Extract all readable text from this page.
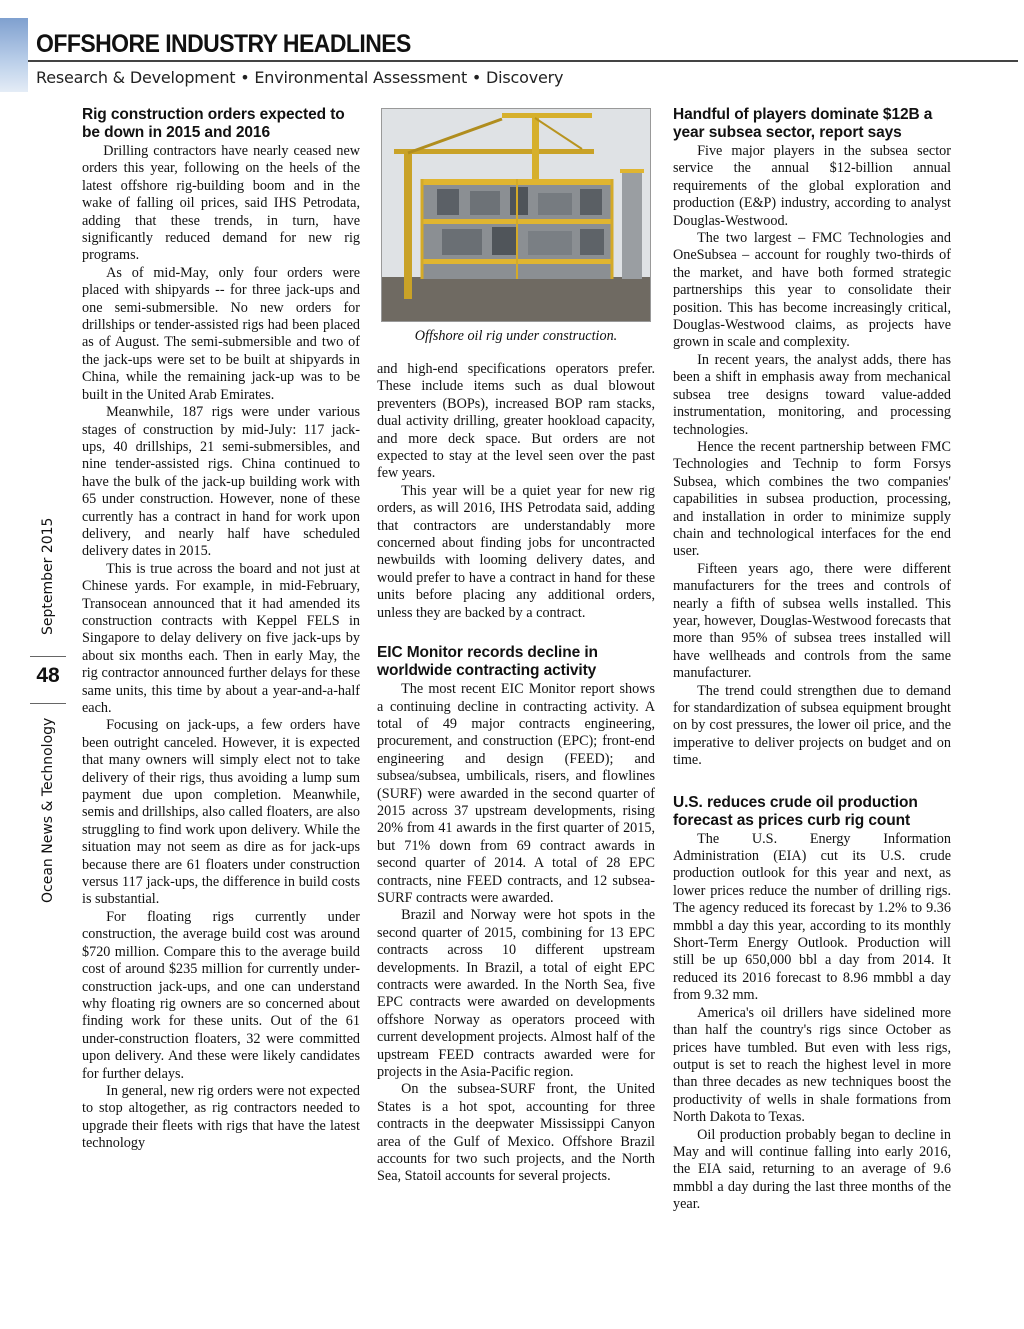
OFFSHORE INDUSTRY HEADLINES
Research & Development • Environmental Assessment • Discovery
September 2015
48
Ocean News & Technology
Rig construction orders expected to be down in 2015 and 2016

Drilling contractors have nearly ceased new orders this year, following on the heels of the latest offshore rig-building boom and in the wake of falling oil prices, said IHS Petrodata, adding that these trends, in turn, have significantly reduced demand for new rig programs.

As of mid-May, only four orders were placed with shipyards -- for three jack-ups and one semi-submersible. No new orders for drillships or tender-assisted rigs had been placed as of August. The semi-submersible and two of the jack-ups were set to be built at shipyards in China, while the remaining jack-up was to be built in the United Arab Emirates.

Meanwhile, 187 rigs were under various stages of construction by mid-July: 117 jack-ups, 40 drillships, 21 semi-submersibles, and nine tender-assisted rigs. China continued to have the bulk of the jack-up building work with 65 under construction. However, none of these currently has a contract in hand for work upon delivery, and nearly half have scheduled delivery dates in 2015.

This is true across the board and not just at Chinese yards. For example, in mid-February, Transocean announced that it had amended its construction contracts with Keppel FELS in Singapore to delay delivery on five jack-ups by about six months each. Then in early May, the rig contractor announced further delays for these same units, this time by about a year-and-a-half each.

Focusing on jack-ups, a few orders have been outright canceled. However, it is expected that many owners will simply elect not to take delivery of their rigs, thus avoiding a lump sum payment due upon completion. Meanwhile, semis and drillships, also called floaters, are also struggling to find work upon delivery. While the situation may not seem as dire as for jack-ups because there are 61 floaters under construction versus 117 jack-ups, the difference in build costs is substantial.

For floating rigs currently under construction, the average build cost was around $720 million. Compare this to the average build cost of around $235 million for currently under-construction jack-ups, and one can understand why floating rig owners are so concerned about finding work for these units. Out of the 61 under-construction floaters, 32 were committed upon delivery. And these were likely candidates for further delays.

In general, new rig orders were not expected to stop altogether, as rig contractors needed to upgrade their fleets with rigs that have the latest technology

Offshore oil rig under construction.

and high-end specifications operators prefer. These include items such as dual blowout preventers (BOPs), increased BOP ram stacks, dual activity drilling, greater hookload capacity, and more deck space. But orders are not expected to stay at the level seen over the past few years.

This year will be a quiet year for new rig orders, as will 2016, IHS Petrodata said, adding that contractors are understandably more concerned about finding jobs for uncontracted newbuilds with looming delivery dates, and would prefer to have a contract in hand for these units before placing any additional orders, unless they are backed by a contract.

EIC Monitor records decline in worldwide contracting activity

The most recent EIC Monitor report shows a continuing decline in contracting activity. A total of 49 major contracts engineering, procurement, and construction (EPC); front-end engineering and design (FEED); and subsea/subsea, umbilicals, risers, and flowlines (SURF) were awarded in the second quarter of 2015 across 37 upstream developments, rising 20% from 41 awards in the first quarter of 2015, but 71% down from 69 contract awards in second quarter of 2014. A total of 28 EPC contracts, nine FEED contracts, and 12 subsea-SURF contracts were awarded.

Brazil and Norway were hot spots in the second quarter of 2015, combining for 13 EPC contracts across 10 different upstream developments. In Brazil, a total of eight EPC contracts were awarded. In the North Sea, five EPC contracts were awarded on developments offshore Norway as operators proceed with current development projects. Almost half of the upstream FEED contracts awarded were for projects in the Asia-Pacific region.

On the subsea-SURF front, the United States is a hot spot, accounting for three contracts in the deepwater Mississippi Canyon area of the Gulf of Mexico. Offshore Brazil accounts for two such projects, and the North Sea, Statoil accounts for several projects.

Handful of players dominate $12B a year subsea sector, report says

Five major players in the subsea sector service the annual $12-billion annual requirements of the global exploration and production (E&P) industry, according to analyst Douglas-Westwood.

The two largest – FMC Technologies and OneSubsea – account for roughly two-thirds of the market, and have both formed strategic partnerships this year to consolidate their position. This has become increasingly critical, Douglas-Westwood claims, as projects have grown in scale and complexity.

In recent years, the analyst adds, there has been a shift in emphasis away from mechanical subsea tree designs toward value-added instrumentation, monitoring, and processing technologies.

Hence the recent partnership between FMC Technologies and Technip to form Forsys Subsea, which combines the two companies' capabilities in subsea production, processing, and installation in order to minimize supply chain and technological interfaces for the end user.

Fifteen years ago, there were different manufacturers for the trees and controls of nearly a fifth of subsea wells installed. This year, however, Douglas-Westwood forecasts that more than 95% of subsea trees installed will have wellheads and controls from the same manufacturer.

The trend could strengthen due to demand for standardization of subsea equipment brought on by cost pressures, the lower oil price, and the imperative to deliver projects on budget and on time.

U.S. reduces crude oil production forecast as prices curb rig count

The U.S. Energy Information Administration (EIA) cut its U.S. crude production outlook for this year and next, as lower prices reduce the number of drilling rigs. The agency reduced its forecast by 1.2% to 9.36 mmbbl a day this year, according to its monthly Short-Term Energy Outlook. Production will still be up 650,000 bbl a day from 2014. It reduced its 2016 forecast to 8.96 mmbbl a day from 9.32 mm.

America's oil drillers have sidelined more than half the country's rigs since October as prices have tumbled. But even with less rigs, output is set to reach the highest level in more than three decades as new techniques boost the productivity of wells in shale formations from North Dakota to Texas.

Oil production probably began to decline in May and will continue falling into early 2016, the EIA said, returning to an average of 9.6 mmbbl a day during the last three months of the year.
